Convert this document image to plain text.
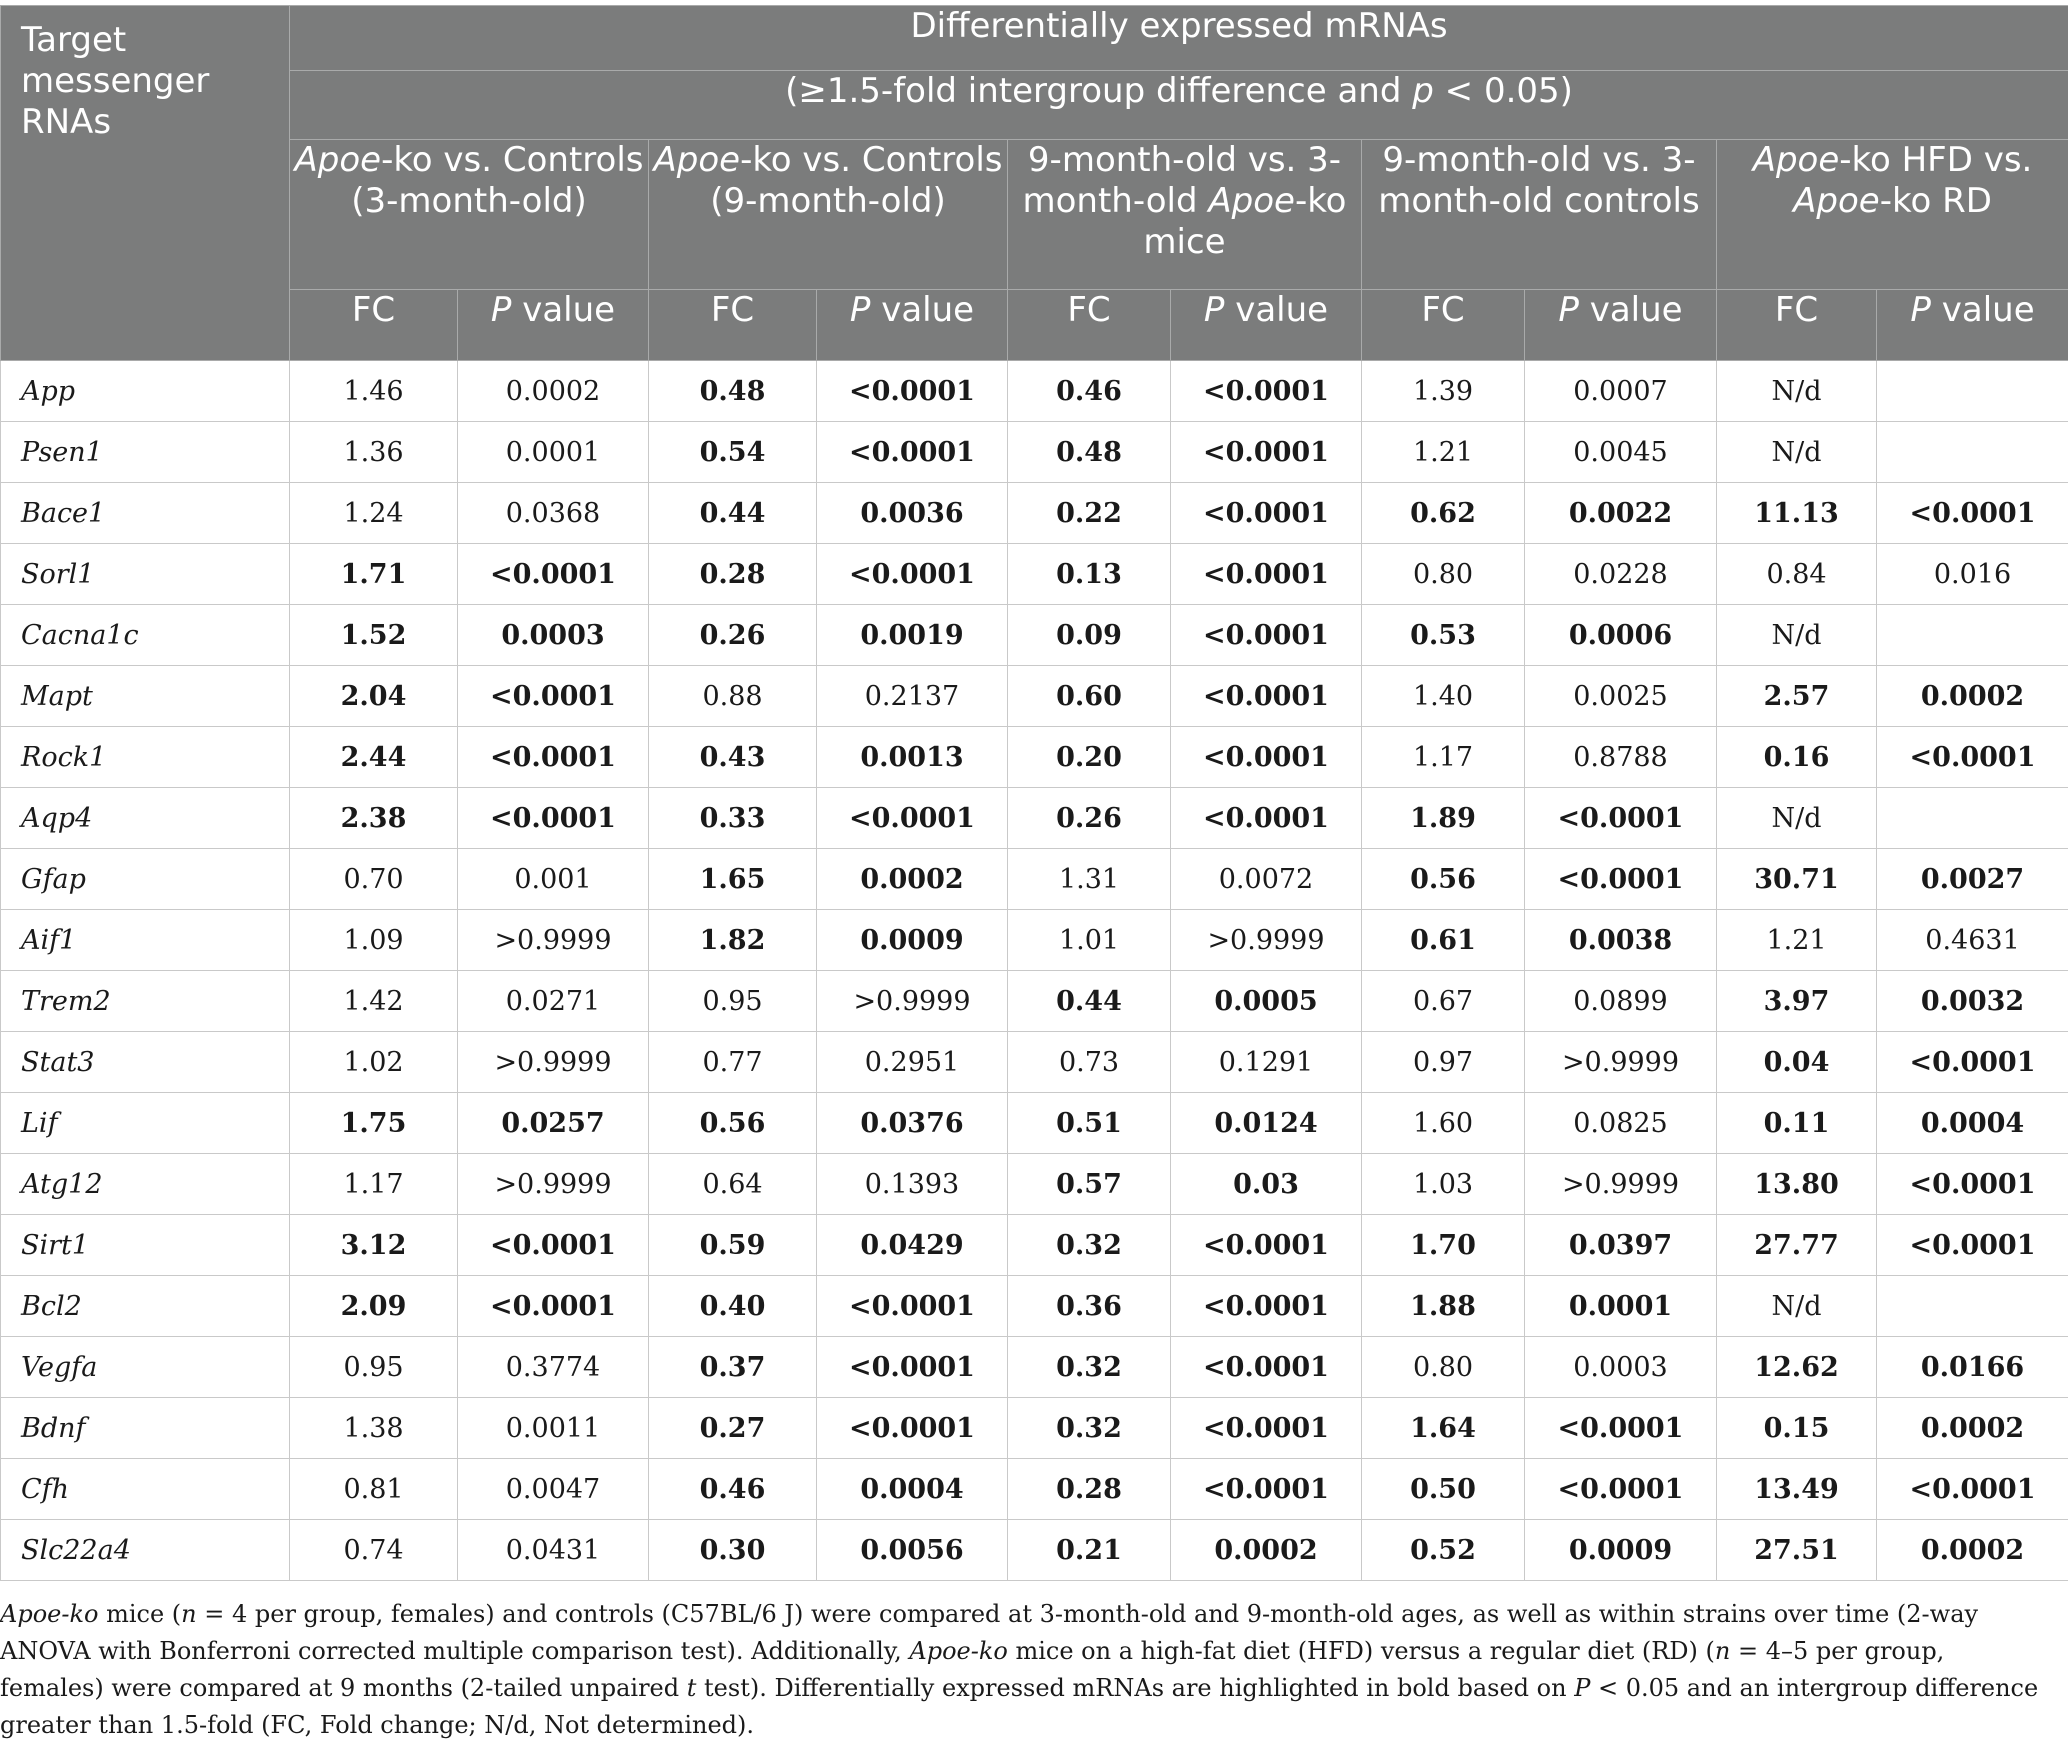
Target messenger RNAs	Differentially expressed mRNAs									
	(≥1.5-fold intergroup difference and p < 0.05)									
	Apoe-ko vs. Controls (3-month-old)		Apoe-ko vs. Controls (9-month-old)		9-month-old vs. 3-month-old Apoe-ko mice		9-month-old vs. 3-month-old controls		Apoe-ko HFD vs. Apoe-ko RD	
	FC	P value	FC	P value	FC	P value	FC	P value	FC	P value
App	1.46	0.0002	0.48	<0.0001	0.46	<0.0001	1.39	0.0007	N/d	
Psen1	1.36	0.0001	0.54	<0.0001	0.48	<0.0001	1.21	0.0045	N/d	
Bace1	1.24	0.0368	0.44	0.0036	0.22	<0.0001	0.62	0.0022	11.13	<0.0001
Sorl1	1.71	<0.0001	0.28	<0.0001	0.13	<0.0001	0.80	0.0228	0.84	0.016
Cacna1c	1.52	0.0003	0.26	0.0019	0.09	<0.0001	0.53	0.0006	N/d	
Mapt	2.04	<0.0001	0.88	0.2137	0.60	<0.0001	1.40	0.0025	2.57	0.0002
Rock1	2.44	<0.0001	0.43	0.0013	0.20	<0.0001	1.17	0.8788	0.16	<0.0001
Aqp4	2.38	<0.0001	0.33	<0.0001	0.26	<0.0001	1.89	<0.0001	N/d	
Gfap	0.70	0.001	1.65	0.0002	1.31	0.0072	0.56	<0.0001	30.71	0.0027
Aif1	1.09	>0.9999	1.82	0.0009	1.01	>0.9999	0.61	0.0038	1.21	0.4631
Trem2	1.42	0.0271	0.95	>0.9999	0.44	0.0005	0.67	0.0899	3.97	0.0032
Stat3	1.02	>0.9999	0.77	0.2951	0.73	0.1291	0.97	>0.9999	0.04	<0.0001
Lif	1.75	0.0257	0.56	0.0376	0.51	0.0124	1.60	0.0825	0.11	0.0004
Atg12	1.17	>0.9999	0.64	0.1393	0.57	0.03	1.03	>0.9999	13.80	<0.0001
Sirt1	3.12	<0.0001	0.59	0.0429	0.32	<0.0001	1.70	0.0397	27.77	<0.0001
Bcl2	2.09	<0.0001	0.40	<0.0001	0.36	<0.0001	1.88	0.0001	N/d	
Vegfa	0.95	0.3774	0.37	<0.0001	0.32	<0.0001	0.80	0.0003	12.62	0.0166
Bdnf	1.38	0.0011	0.27	<0.0001	0.32	<0.0001	1.64	<0.0001	0.15	0.0002
Cfh	0.81	0.0047	0.46	0.0004	0.28	<0.0001	0.50	<0.0001	13.49	<0.0001
Slc22a4	0.74	0.0431	0.30	0.0056	0.21	0.0002	0.52	0.0009	27.51	0.0002
Apoe-ko mice (n = 4 per group, females) and controls (C57BL/6 J) were compared at 3-month-old and 9-month-old ages, as well as within strains over time (2-way ANOVA with Bonferroni corrected multiple comparison test). Additionally, Apoe-ko mice on a high-fat diet (HFD) versus a regular diet (RD) (n = 4–5 per group, females) were compared at 9 months (2-tailed unpaired t test). Differentially expressed mRNAs are highlighted in bold based on P < 0.05 and an intergroup difference greater than 1.5-fold (FC, Fold change; N/d, Not determined).
